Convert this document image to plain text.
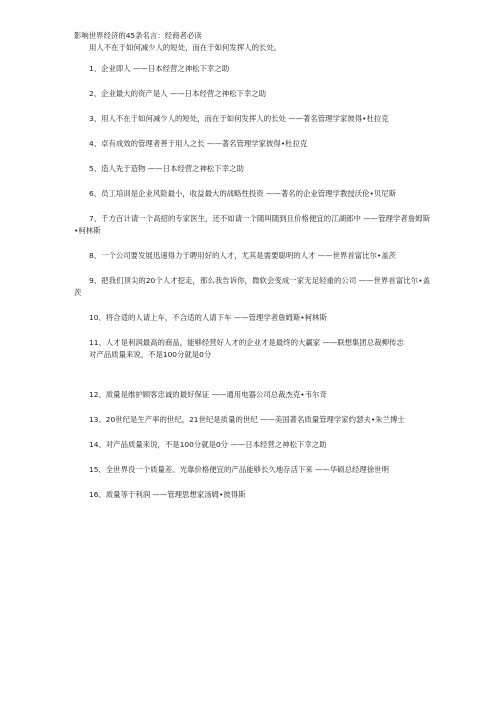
影响世界经济的45条名言：经商者必读

用人不在于如何减少人的短处，而在于如何发挥人的长处。

1、企业即人 ——日本经营之神松下幸之助

2、企业最大的资产是人 ——日本经营之神松下幸之助

3、用人不在于如何减少人的短处，而在于如何发挥人的长处 ——著名管理学家彼得•杜拉克

4、卓有成效的管理者善于用人之长 ——著名管理学家彼得•杜拉克

5、造人先于造物 ——日本经营之神松下幸之助

6、员工培训是企业风险最小，收益最大的战略性投资 ——著名的企业管理学教授沃伦•贝尼斯

7、千方百计请一个高招的专家医生，还不如请一个随叫随到且价格便宜的江湖郎中 ——管理学者詹姆斯•柯林斯

8、一个公司要发展迅速得力于聘用好的人才，尤其是需要聪明的人才 ——世界首富比尔•盖茨

9、把我们顶尖的20个人才挖走，那么我告诉你，微软会变成一家无足轻重的公司 ——世界首富比尔•盖茨

10、将合适的人请上车，不合适的人请下车 ——管理学者詹姆斯•柯林斯

11、人才是利润最高的商品，能够经营好人才的企业才是最终的大赢家 ——联想集团总裁柳传志

对产品质量来说，不是100分就是0分

12、质量是维护顾客忠诚的最好保证 ——通用电器公司总裁杰克•韦尔奇

13、20世纪是生产率的世纪，21世纪是质量的世纪 ——美国著名质量管理学家约瑟夫•朱兰博士

14、对产品质量来说，不是100分就是0分 ——日本经营之神松下幸之助

15、全世界没一个质量差、光靠价格便宜的产品能够长久地存活下来 ——华硕总经理徐世明

16、质量等于利润 ——管理思想家汤姆•彼得斯
